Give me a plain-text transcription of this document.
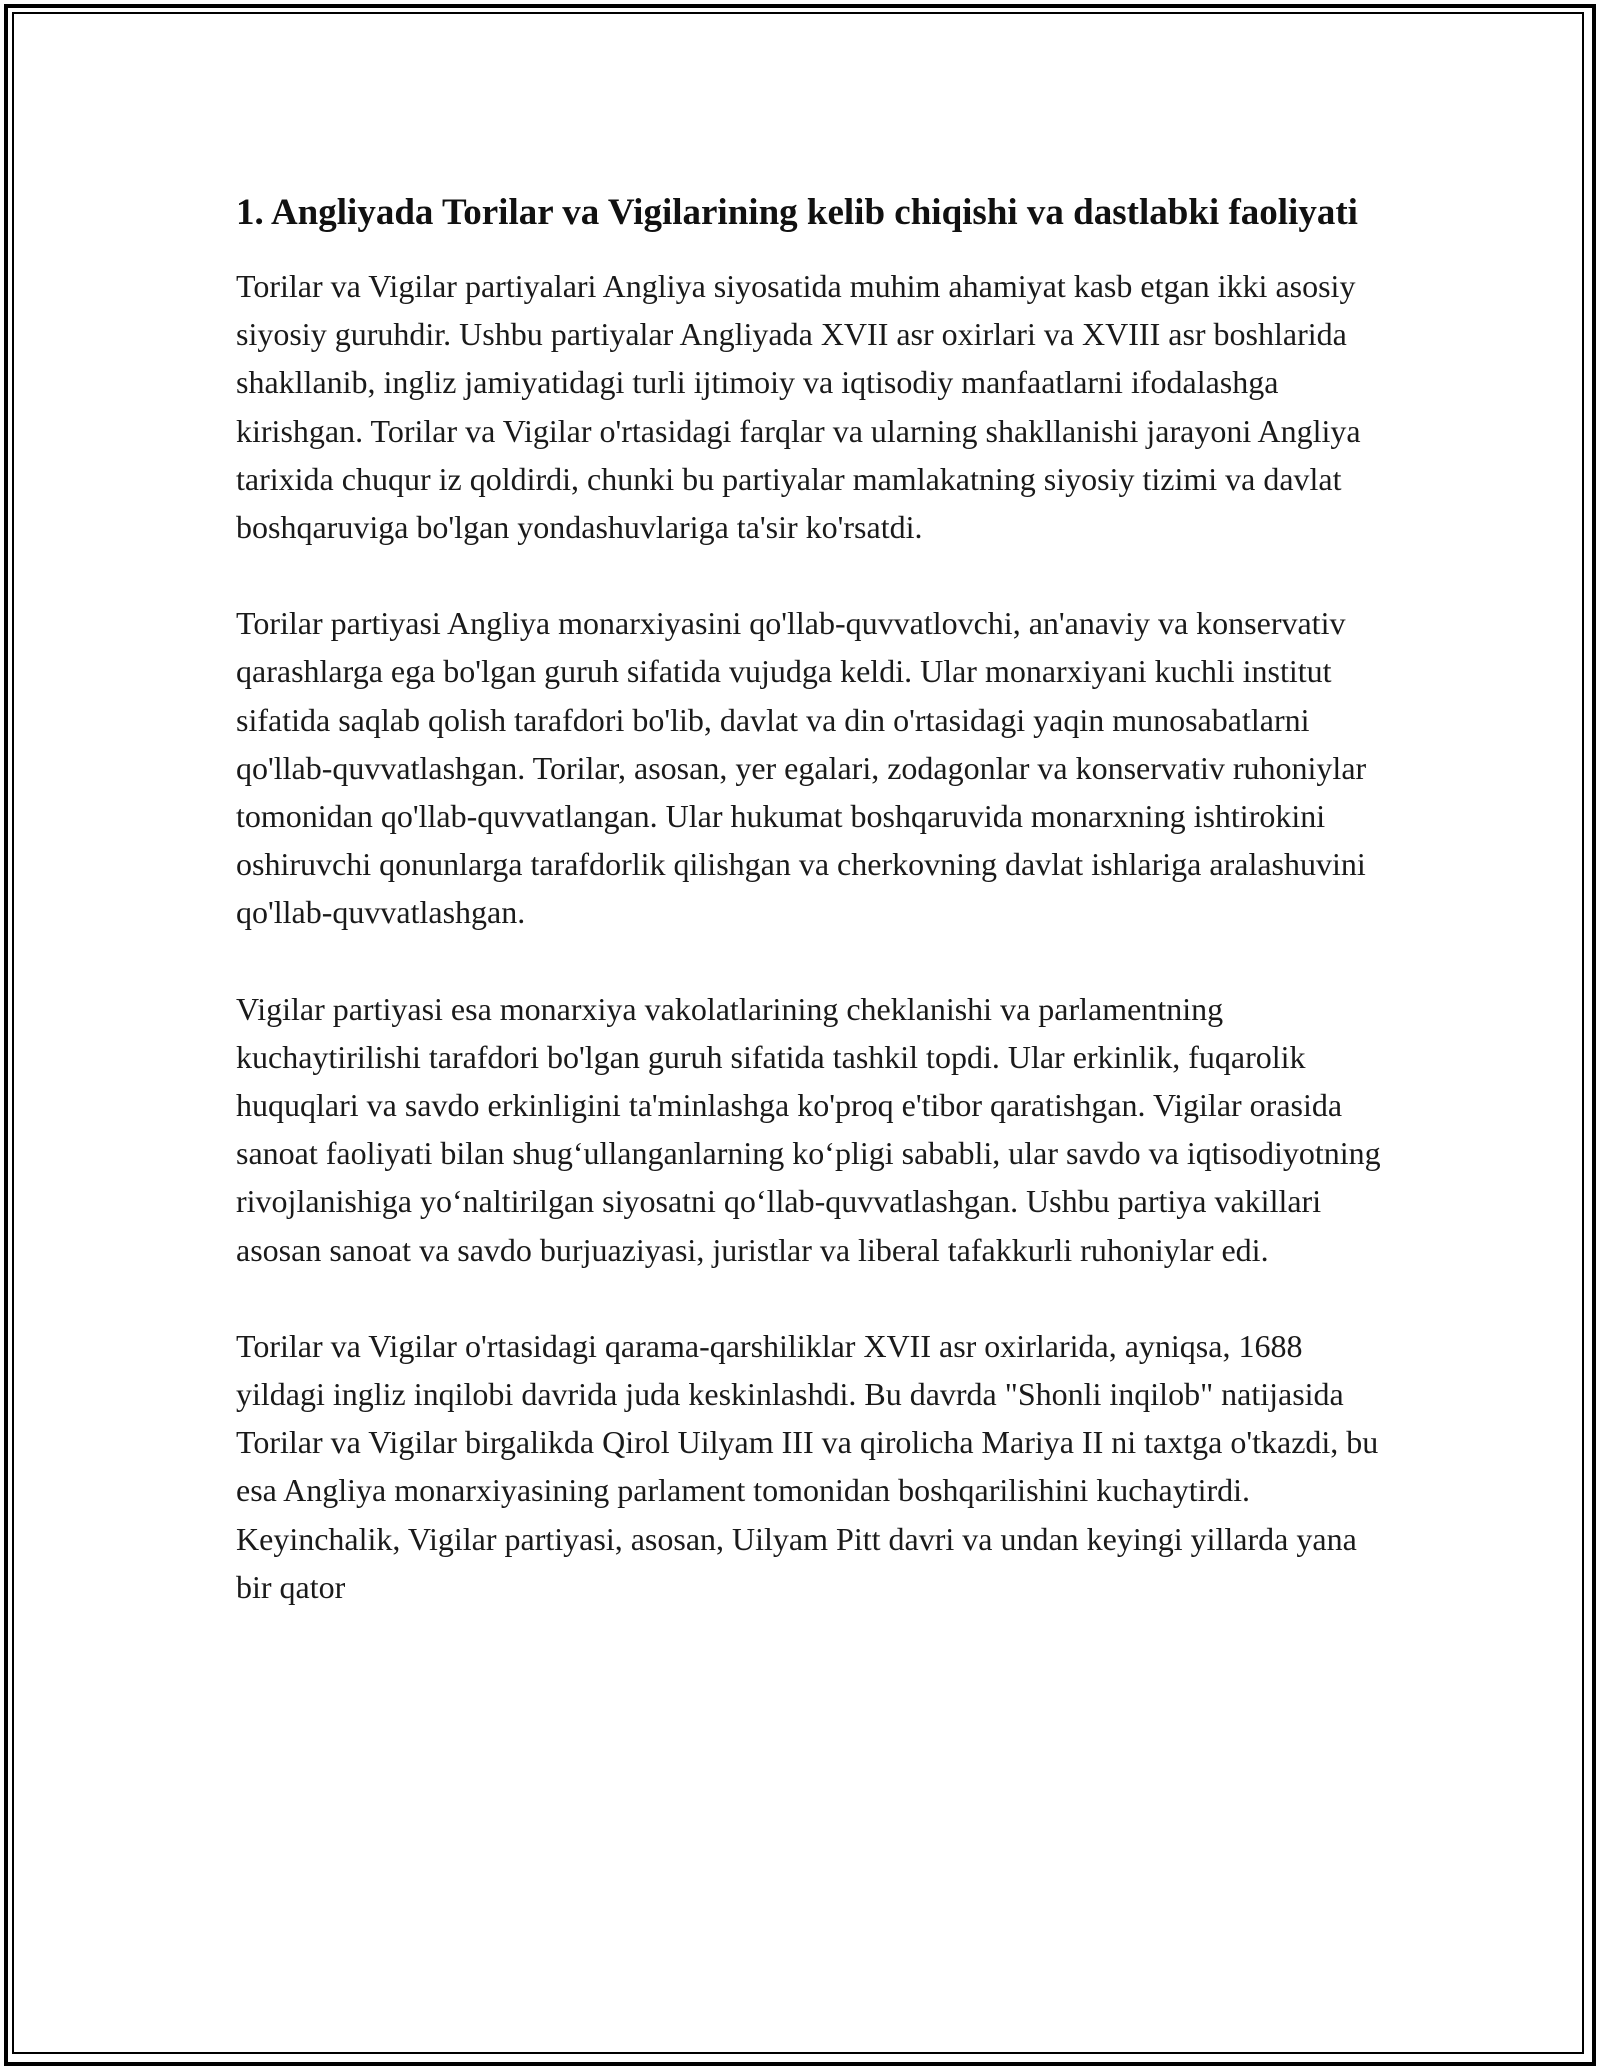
1. Angliyada Torilar va Vigilarining kelib chiqishi va dastlabki faoliyati

Torilar va Vigilar partiyalari Angliya siyosatida muhim ahamiyat kasb etgan ikki asosiy siyosiy guruhdir. Ushbu partiyalar Angliyada XVII asr oxirlari va XVIII asr boshlarida shakllanib, ingliz jamiyatidagi turli ijtimoiy va iqtisodiy manfaatlarni ifodalashga kirishgan. Torilar va Vigilar o'rtasidagi farqlar va ularning shakllanishi jarayoni Angliya tarixida chuqur iz qoldirdi, chunki bu partiyalar mamlakatning siyosiy tizimi va davlat boshqaruviga bo'lgan yondashuvlariga ta'sir ko'rsatdi.

Torilar partiyasi Angliya monarxiyasini qo'llab-quvvatlovchi, an'anaviy va konservativ qarashlarga ega bo'lgan guruh sifatida vujudga keldi. Ular monarxiyani kuchli institut sifatida saqlab qolish tarafdori bo'lib, davlat va din o'rtasidagi yaqin munosabatlarni qo'llab-quvvatlashgan. Torilar, asosan, yer egalari, zodagonlar va konservativ ruhoniylar tomonidan qo'llab-quvvatlangan. Ular hukumat boshqaruvida monarxning ishtirokini oshiruvchi qonunlarga tarafdorlik qilishgan va cherkovning davlat ishlariga aralashuvini qo'llab-quvvatlashgan.

Vigilar partiyasi esa monarxiya vakolatlarining cheklanishi va parlamentning kuchaytirilishi tarafdori bo'lgan guruh sifatida tashkil topdi. Ular erkinlik, fuqarolik huquqlari va savdo erkinligini ta'minlashga ko'proq e'tibor qaratishgan. Vigilar orasida sanoat faoliyati bilan shug‘ullanganlarning ko‘pligi sababli, ular savdo va iqtisodiyotning rivojlanishiga yo‘naltirilgan siyosatni qo‘llab-quvvatlashgan. Ushbu partiya vakillari asosan sanoat va savdo burjuaziyasi, juristlar va liberal tafakkurli ruhoniylar edi.

Torilar va Vigilar o'rtasidagi qarama-qarshiliklar XVII asr oxirlarida, ayniqsa, 1688 yildagi ingliz inqilobi davrida juda keskinlashdi. Bu davrda "Shonli inqilob" natijasida Torilar va Vigilar birgalikda Qirol Uilyam III va qirolicha Mariya II ni taxtga o'tkazdi, bu esa Angliya monarxiyasining parlament tomonidan boshqarilishini kuchaytirdi. Keyinchalik, Vigilar partiyasi, asosan, Uilyam Pitt davri va undan keyingi yillarda yana bir qator
